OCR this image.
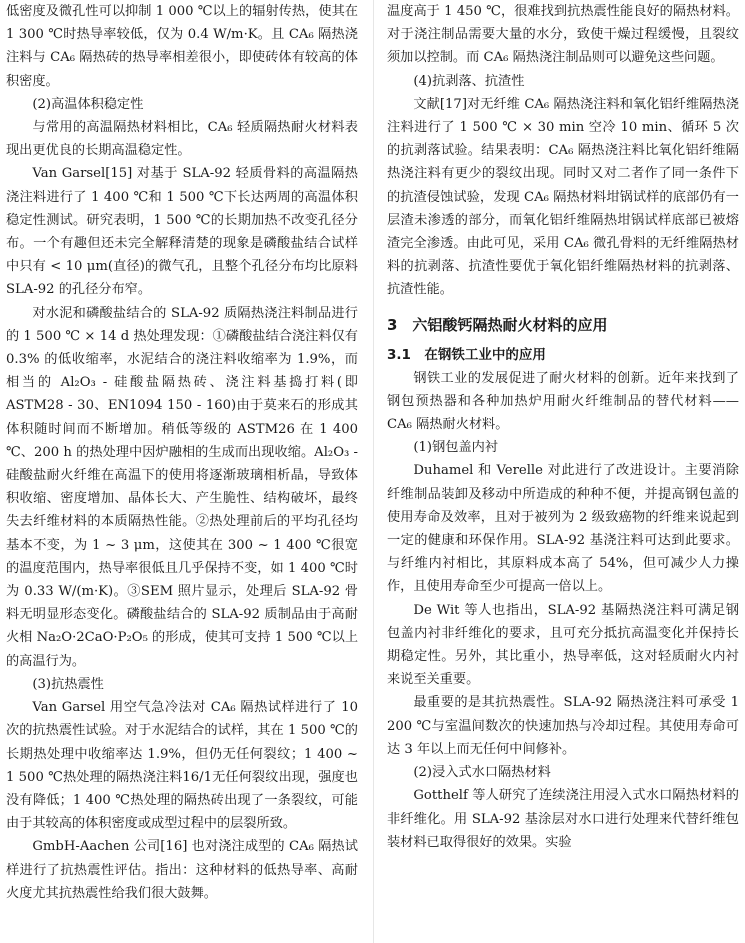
低密度及微孔性可以抑制 1 000 ℃以上的辐射传热，使其在 1 300 ℃时热导率较低，仅为 0.4 W/m·K。且 CA₆ 隔热浇注料与 CA₆ 隔热砖的热导率相差很小，即使砖体有较高的体积密度。

(2)高温体积稳定性

与常用的高温隔热材料相比，CA₆ 轻质隔热耐火材料表现出更优良的长期高温稳定性。

Van Garsel[15] 对基于 SLA-92 轻质骨料的高温隔热浇注料进行了 1 400 ℃和 1 500 ℃下长达两周的高温体积稳定性测试。研究表明，1 500 ℃的长期加热不改变孔径分布。一个有趣但还未完全解释清楚的现象是磷酸盐结合试样中只有 < 10 μm(直径)的微气孔，且整个孔径分布均比原料 SLA-92 的孔径分布窄。

对水泥和磷酸盐结合的 SLA-92 质隔热浇注料制品进行的 1 500 ℃ × 14 d 热处理发现：①磷酸盐结合浇注料仅有 0.3% 的低收缩率，水泥结合的浇注料收缩率为 1.9%，而相当的 Al₂O₃ - 硅酸盐隔热砖、浇注料基捣打料(即 ASTM28 - 30、EN1094 150 - 160)由于莫来石的形成其体积随时间而不断增加。稍低等级的 ASTM26 在 1 400 ℃、200 h 的热处理中因炉融相的生成而出现收缩。Al₂O₃ - 硅酸盐耐火纤维在高温下的使用将逐渐玻璃相析晶，导致体积收缩、密度增加、晶体长大、产生脆性、结构破坏，最终失去纤维材料的本质隔热性能。②热处理前后的平均孔径均基本不变，为 1 ~ 3 μm，这使其在 300 ~ 1 400 ℃很宽的温度范围内，热导率很低且几乎保持不变，如 1 400 ℃时为 0.33 W/(m·K)。③SEM 照片显示，处理后 SLA-92 骨料无明显形态变化。磷酸盐结合的 SLA-92 质制品由于高耐火相 Na₂O·2CaO·P₂O₅ 的形成，使其可支持 1 500 ℃以上的高温行为。

(3)抗热震性

Van Garsel 用空气急冷法对 CA₆ 隔热试样进行了 10 次的抗热震性试验。对于水泥结合的试样，其在 1 500 ℃的长期热处理中收缩率达 1.9%，但仍无任何裂纹；1 400 ~ 1 500 ℃热处理的隔热浇注料16/1无任何裂纹出现，强度也没有降低；1 400 ℃热处理的隔热砖出现了一条裂纹，可能由于其较高的体积密度或成型过程中的层裂所致。

GmbH-Aachen 公司[16] 也对浇注成型的 CA₆ 隔热试样进行了抗热震性评估。指出：这种材料的低热导率、高耐火度尤其抗热震性给我们很大鼓舞。

温度高于 1 450 ℃，很难找到抗热震性能良好的隔热材料。对于浇注制品需要大量的水分，致使干燥过程缓慢，且裂纹须加以控制。而 CA₆ 隔热浇注制品则可以避免这些问题。

(4)抗剥落、抗渣性

文献[17]对无纤维 CA₆ 隔热浇注料和氧化铝纤维隔热浇注料进行了 1 500 ℃ × 30 min 空冷 10 min、循环 5 次的抗剥落试验。结果表明：CA₆ 隔热浇注料比氧化铝纤维隔热浇注料有更少的裂纹出现。同时又对二者作了同一条件下的抗渣侵蚀试验，发现 CA₆ 隔热材料坩锅试样的底部仍有一层渣未渗透的部分，而氧化铝纤维隔热坩锅试样底部已被熔渣完全渗透。由此可见，采用 CA₆ 微孔骨料的无纤维隔热材料的抗剥落、抗渣性要优于氧化铝纤维隔热材料的抗剥落、抗渣性能。

3　六铝酸钙隔热耐火材料的应用
3.1　在钢铁工业中的应用

钢铁工业的发展促进了耐火材料的创新。近年来找到了钢包预热器和各种加热炉用耐火纤维制品的替代材料——CA₆ 隔热耐火材料。

(1)钢包盖内衬

Duhamel 和 Verelle 对此进行了改进设计。主要消除纤维制品装卸及移动中所造成的种种不便，并提高钢包盖的使用寿命及效率，且对于被列为 2 级致癌物的纤维来说起到一定的健康和环保作用。SLA-92 基浇注料可达到此要求。与纤维内衬相比，其原料成本高了 54%，但可减少人力操作，且使用寿命至少可提高一倍以上。

De Wit 等人也指出，SLA-92 基隔热浇注料可满足钢包盖内衬非纤维化的要求，且可充分抵抗高温变化并保持长期稳定性。另外，其比重小，热导率低，这对轻质耐火内衬来说至关重要。

最重要的是其抗热震性。SLA-92 隔热浇注料可承受 1 200 ℃与室温间数次的快速加热与冷却过程。其使用寿命可达 3 年以上而无任何中间修补。

(2)浸入式水口隔热材料

Gotthelf 等人研究了连续浇注用浸入式水口隔热材料的非纤维化。用 SLA-92 基涂层对水口进行处理来代替纤维包装材料已取得很好的效果。实验
